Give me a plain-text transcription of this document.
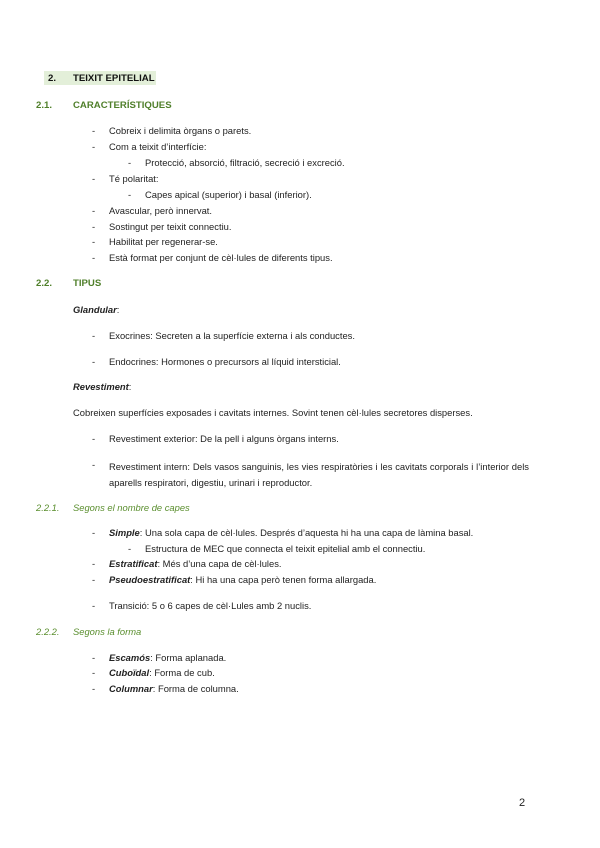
2. TEIXIT EPITELIAL
2.1. CARACTERÍSTIQUES
- Cobreix i delimita òrgans o parets.
- Com a teixit d’interfície:
- Protecció, absorció, filtració, secreció i excreció.
- Té polaritat:
- Capes apical (superior) i basal (inferior).
- Avascular, però innervat.
- Sostingut per teixit connectiu.
- Habilitat per regenerar-se.
- Està format per conjunt de cèl·lules de diferents tipus.
2.2. TIPUS
Glandular:
- Exocrines: Secreten a la superfície externa i als conductes.
- Endocrines: Hormones o precursors al líquid intersticial.
Revestiment:
Cobreixen superfícies exposades i cavitats internes. Sovint tenen cèl·lules secretores disperses.
- Revestiment exterior: De la pell i alguns òrgans interns.
- Revestiment intern: Dels vasos sanguinis, les vies respiratòries i les cavitats corporals i l’interior dels aparells respiratori, digestiu, urinari i reproductor.
2.2.1. Segons el nombre de capes
- Simple: Una sola capa de cèl·lules. Després d’aquesta hi ha una capa de làmina basal.
- Estructura de MEC que connecta el teixit epitelial amb el connectiu.
- Estratificat: Més d’una capa de cèl·lules.
- Pseudoestratificat: Hi ha una capa però tenen forma allargada.
- Transició: 5 o 6 capes de cèl·Lules amb 2 nuclis.
2.2.2. Segons la forma
- Escamós: Forma aplanada.
- Cuboïdal: Forma de cub.
- Columnar: Forma de columna.
2
